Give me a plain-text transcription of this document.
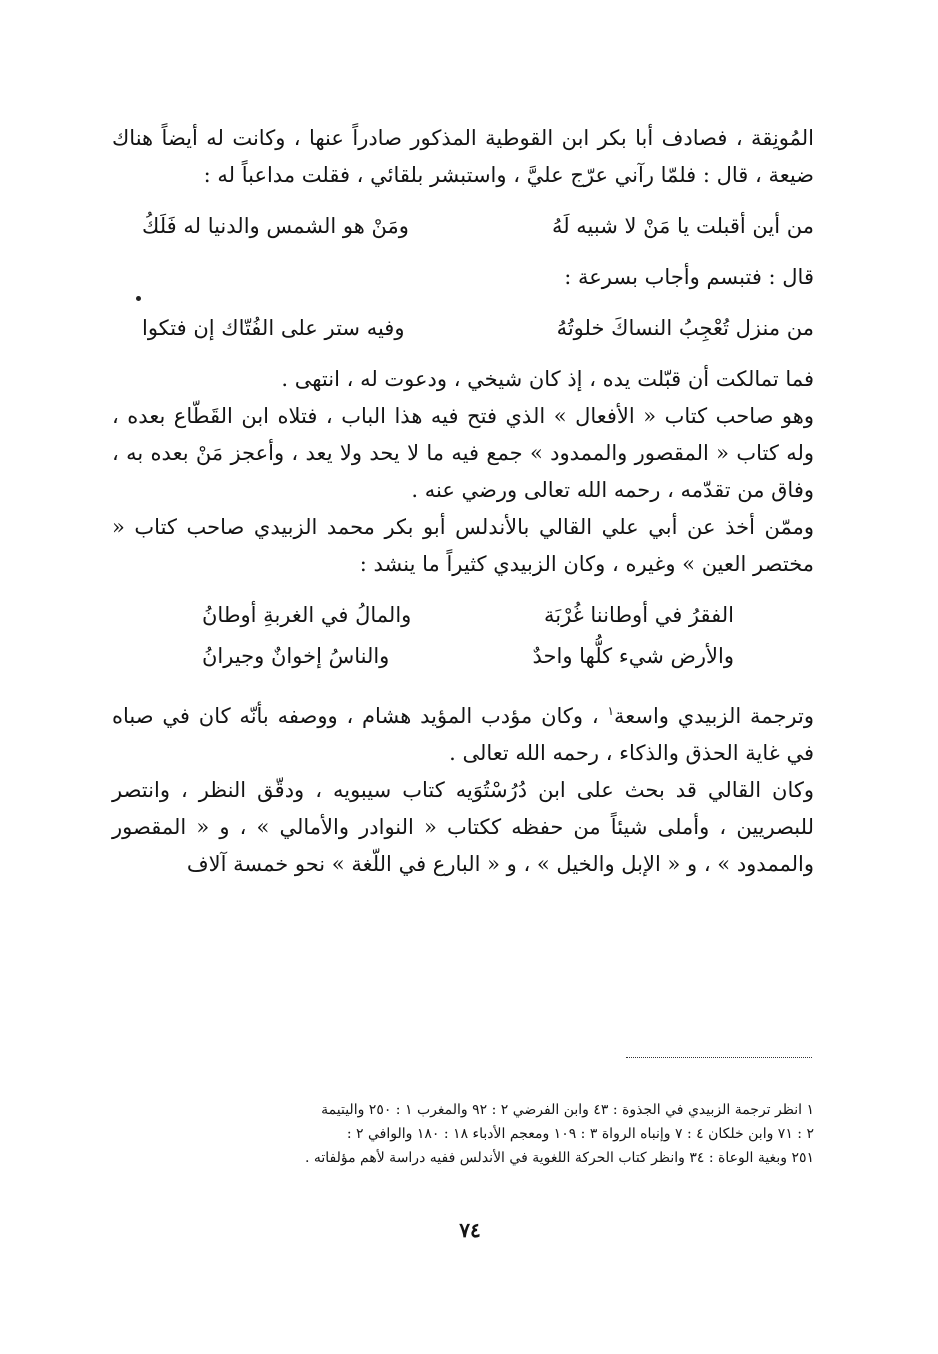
المُونِقة ، فصادف أبا بكر ابن القوطية المذكور صادراً عنها ، وكانت له أيضاً هناك ضيعة ، قال : فلمّا رآني عرّج عليَّ ، واستبشر بلقائي ، فقلت مداعباً له :

من أين أقبلت يا مَنْ لا شبيه لَهُ
ومَنْ هو الشمس والدنيا له فَلَكُ

قال : فتبسم وأجاب بسرعة :

من منزل تُعْجِبُ النساكَ خلوتُهُ
وفيه ستر على الفُتّاك إن فتكوا

فما تمالكت أن قبّلت يده ، إذ كان شيخي ، ودعوت له ، انتهى .

وهو صاحب كتاب « الأفعال » الذي فتح فيه هذا الباب ، فتلاه ابن القَطّاع بعده ، وله كتاب « المقصور والممدود » جمع فيه ما لا يحد ولا يعد ، وأعجز مَنْ بعده به ، وفاق من تقدّمه ، رحمه الله تعالى ورضي عنه .

وممّن أخذ عن أبي علي القالي بالأندلس أبو بكر محمد الزبيدي صاحب كتاب « مختصر العين » وغيره ، وكان الزبيدي كثيراً ما ينشد :

الفقرُ في أوطاننا غُرْبَة
والمالُ في الغربةِ أوطانُ
والأرض شيء كلُّها واحدٌ
والناسُ إخوانٌ وجيرانُ

وترجمة الزبيدي واسعة$^١$ ، وكان مؤدب المؤيد هشام ، ووصفه بأنّه كان في صباه في غاية الحذق والذكاء ، رحمه الله تعالى .

وكان القالي قد بحث على ابن دُرُسْتُوَيه كتاب سيبويه ، ودقّق النظر ، وانتصر للبصريين ، وأملى شيئاً من حفظه ككتاب « النوادر والأمالي » ، و « المقصور والممدود » ، و « الإبل والخيل » ، و « البارع في اللّغة » نحو خمسة آلاف

١ انظر ترجمة الزبيدي في الجذوة : ٤٣ وابن الفرضي ٢ : ٩٢ والمغرب ١ : ٢٥٠ واليتيمة

٢ : ٧١ وابن خلكان ٤ : ٧ وإنباه الرواة ٣ : ١٠٩ ومعجم الأدباء ١٨ : ١٨٠ والوافي ٢ :

٢٥١ وبغية الوعاة : ٣٤ وانظر كتاب الحركة اللغوية في الأندلس ففيه دراسة لأهم مؤلفاته .

٧٤
